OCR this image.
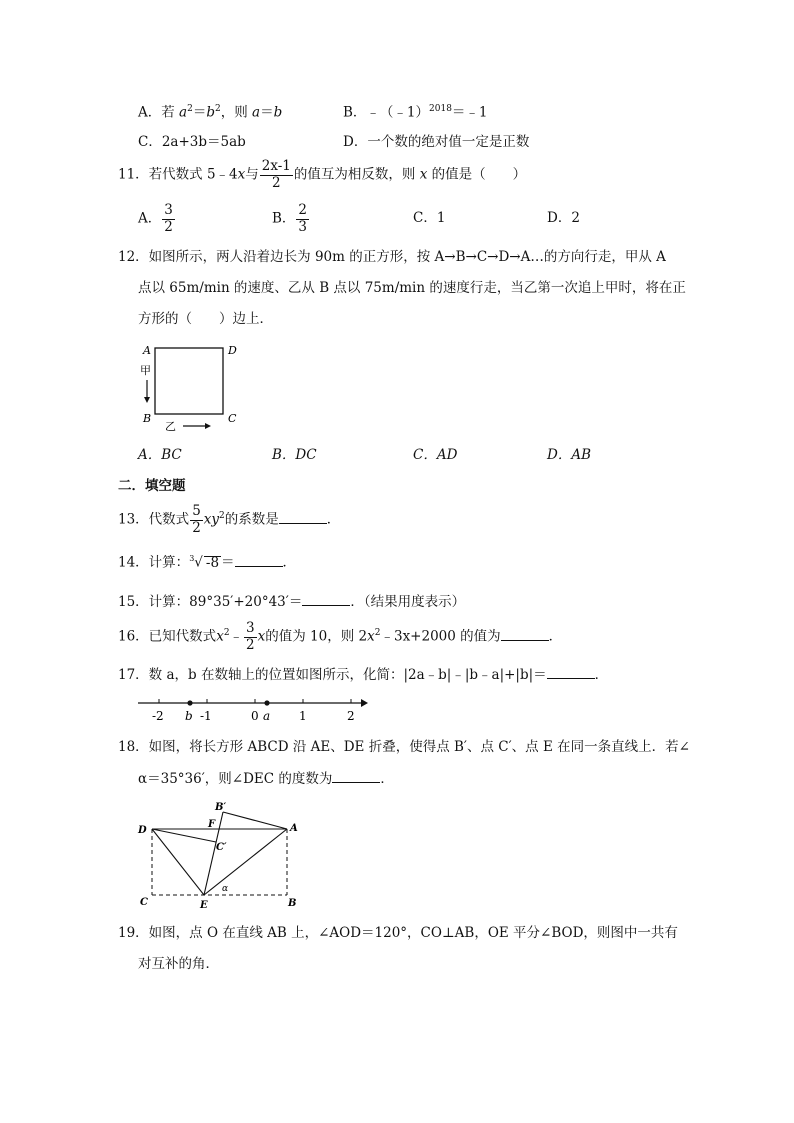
A．若 $a^2=b^2$，则 a＝b	B．﹣（﹣1）$^{2018}$＝﹣1
C．2a+3b＝5ab	D．一个数的绝对值一定是正数
11．若代数式 5﹣4x与 $\frac{2x-1}{2}$ 的值互为相反数，则 x 的值是（　　）
A． $\frac{3}{2}$	B． $\frac{2}{3}$	C．1	D．2
12．如图所示，两人沿着边长为 90m 的正方形，按 A→B→C→D→A…的方向行走，甲从 A
点以 65m/min 的速度、乙从 B 点以 75m/min 的速度行走，当乙第一次追上甲时，将在正
方形的（　　）边上．
A	D
B	C
甲
乙
A．BC	B．DC	C．AD	D．AB
二．填空题
13．代数式 $\frac{5}{2} xy^2$的系数是	．
14．计算：$^3$√ -8 ＝	．
15．计算：89°35′+20°43′＝	．（结果用度表示）
16．已知代数式$x^2﹣ \frac{3}{2}$ x的值为 10，则 $2x^2﹣3x+2000$ 的值为	．
17．数 a，b 在数轴上的位置如图所示，化简：|2a﹣b|﹣|b﹣a|+|b|＝	．
-2 b -1	0 a 1	2
18．如图，将长方形 ABCD 沿 AE、DE 折叠，使得点 B′、点 C′、点 E 在同一条直线上．若∠
α＝35°36′，则∠DEC 的度数为	．
D	A
B′
F
C′
C	E	B
α
19．如图，点 O 在直线 AB 上，∠AOD＝120°，CO⊥AB，OE 平分∠BOD，则图中一共有
对互补的角．
